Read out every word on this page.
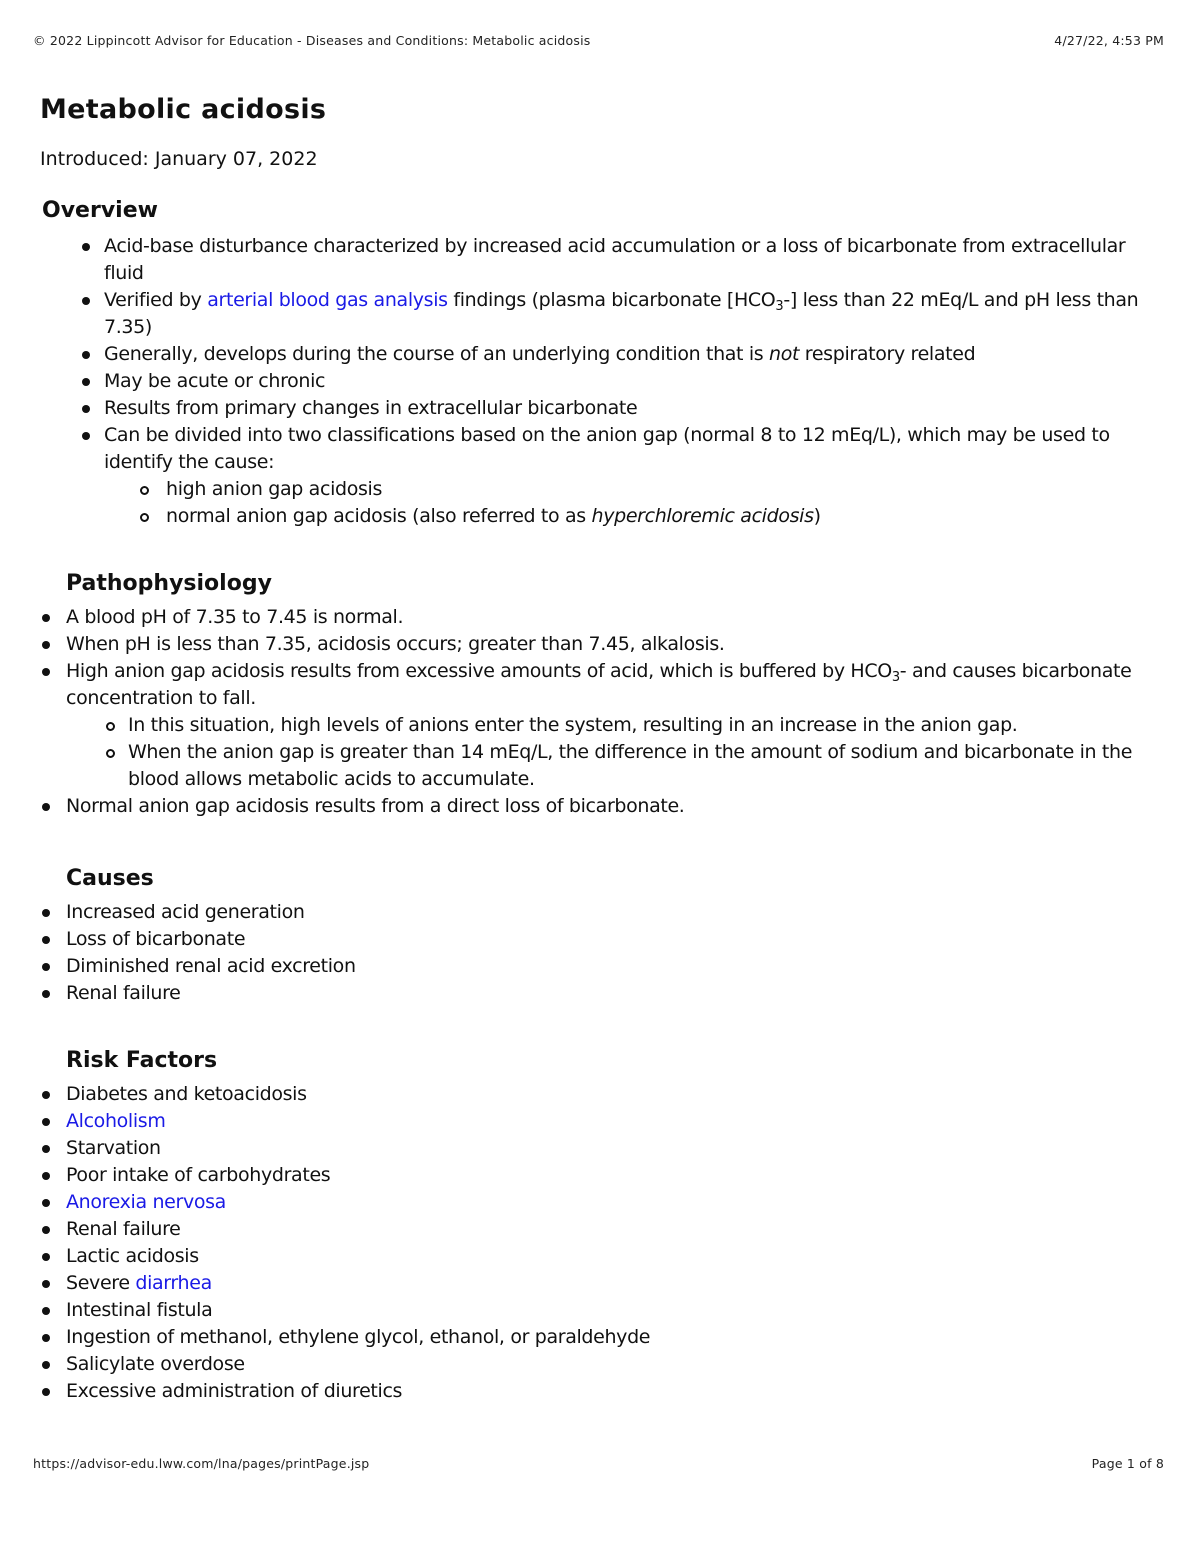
© 2022 Lippincott Advisor for Education - Diseases and Conditions: Metabolic acidosis	4/27/22, 4:53 PM
Metabolic acidosis
Introduced: January 07, 2022
Overview
Acid-base disturbance characterized by increased acid accumulation or a loss of bicarbonate from extracellular fluid
Verified by arterial blood gas analysis findings (plasma bicarbonate $[HCO_3-]$ less than 22 mEq/L and pH less than 7.35)
Generally, develops during the course of an underlying condition that is not respiratory related
May be acute or chronic
Results from primary changes in extracellular bicarbonate
Can be divided into two classifications based on the anion gap (normal 8 to 12 mEq/L), which may be used to identify the cause:
high anion gap acidosis
normal anion gap acidosis (also referred to as hyperchloremic acidosis)
Pathophysiology
A blood pH of 7.35 to 7.45 is normal.
When pH is less than 7.35, acidosis occurs; greater than 7.45, alkalosis.
High anion gap acidosis results from excessive amounts of acid, which is buffered by $HCO_3-$ and causes bicarbonate concentration to fall.
In this situation, high levels of anions enter the system, resulting in an increase in the anion gap.
When the anion gap is greater than 14 mEq/L, the difference in the amount of sodium and bicarbonate in the blood allows metabolic acids to accumulate.
Normal anion gap acidosis results from a direct loss of bicarbonate.
Causes
Increased acid generation
Loss of bicarbonate
Diminished renal acid excretion
Renal failure
Risk Factors
Diabetes and ketoacidosis
Alcoholism
Starvation
Poor intake of carbohydrates
Anorexia nervosa
Renal failure
Lactic acidosis
Severe diarrhea
Intestinal fistula
Ingestion of methanol, ethylene glycol, ethanol, or paraldehyde
Salicylate overdose
Excessive administration of diuretics
https://advisor-edu.lww.com/lna/pages/printPage.jsp	Page 1 of 8
